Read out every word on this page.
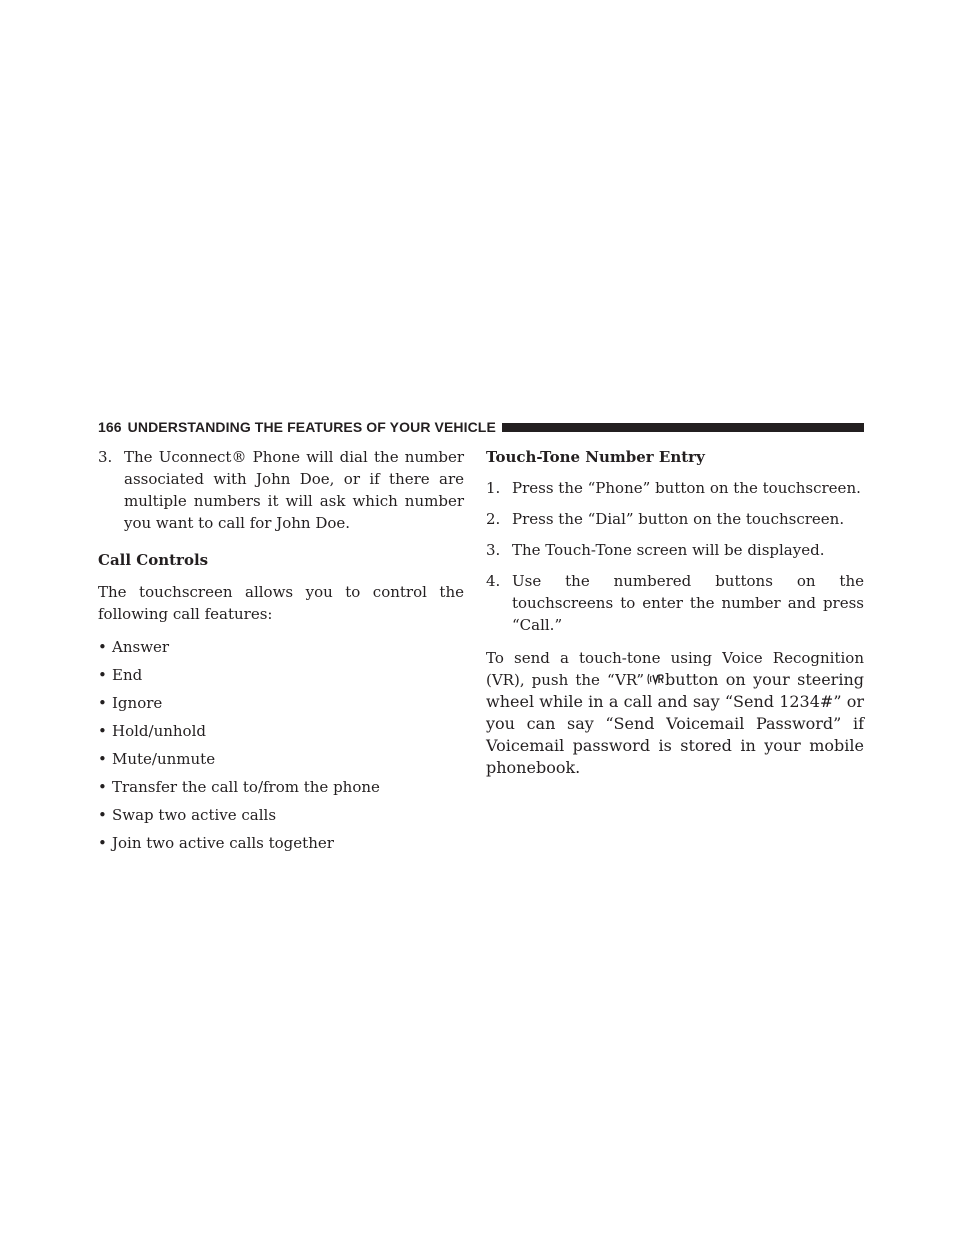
166 UNDERSTANDING THE FEATURES OF YOUR VEHICLE

3. The Uconnect® Phone will dial the number associated with John Doe, or if there are multiple numbers it will ask which number you want to call for John Doe.

Call Controls

The touchscreen allows you to control the following call features:

• Answer
• End
• Ignore
• Hold/unhold
• Mute/unmute
• Transfer the call to/from the phone
• Swap two active calls
• Join two active calls together

Touch-Tone Number Entry

1. Press the “Phone” button on the touchscreen.

2. Press the “Dial” button on the touchscreen.

3. The Touch-Tone screen will be displayed.

4. Use the numbered buttons on the touchscreens to enter the number and press “Call.”

To send a touch-tone using Voice Recognition (VR), push the “VR” button on your steering wheel while in a call and say “Send 1234#” or you can say “Send Voicemail Password” if Voicemail password is stored in your mobile phonebook.
